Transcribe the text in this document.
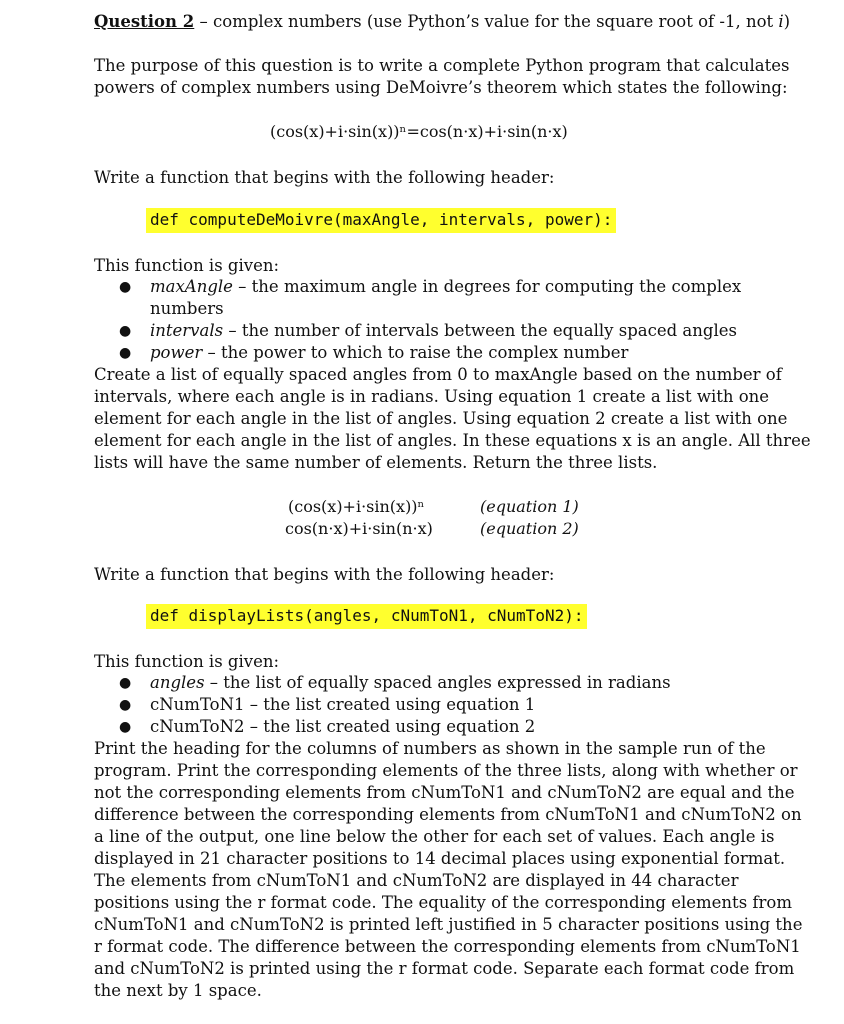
Question 2 – complex numbers (use Python’s value for the square root of -1, not i)
The purpose of this question is to write a complete Python program that calculates
powers of complex numbers using DeMoivre’s theorem which states the following:
(cos(x)+i·sin(x))ⁿ=cos(n·x)+i·sin(n·x)
Write a function that begins with the following header:
def computeDeMoivre(maxAngle, intervals, power):
This function is given:
● maxAngle – the maximum angle in degrees for computing the complex
numbers
● intervals – the number of intervals between the equally spaced angles
● power – the power to which to raise the complex number
Create a list of equally spaced angles from 0 to maxAngle based on the number of
intervals, where each angle is in radians. Using equation 1 create a list with one
element for each angle in the list of angles. Using equation 2 create a list with one
element for each angle in the list of angles. In these equations x is an angle. All three
lists will have the same number of elements. Return the three lists.
(cos(x)+i·sin(x))ⁿ	(equation 1)
cos(n·x)+i·sin(n·x)	(equation 2)
Write a function that begins with the following header:
def displayLists(angles, cNumToN1, cNumToN2):
This function is given:
● angles – the list of equally spaced angles expressed in radians
● cNumToN1 – the list created using equation 1
● cNumToN2 – the list created using equation 2
Print the heading for the columns of numbers as shown in the sample run of the
program. Print the corresponding elements of the three lists, along with whether or
not the corresponding elements from cNumToN1 and cNumToN2 are equal and the
difference between the corresponding elements from cNumToN1 and cNumToN2 on
a line of the output, one line below the other for each set of values. Each angle is
displayed in 21 character positions to 14 decimal places using exponential format.
The elements from cNumToN1 and cNumToN2 are displayed in 44 character
positions using the r format code. The equality of the corresponding elements from
cNumToN1 and cNumToN2 is printed left justified in 5 character positions using the
r format code. The difference between the corresponding elements from cNumToN1
and cNumToN2 is printed using the r format code. Separate each format code from
the next by 1 space.
